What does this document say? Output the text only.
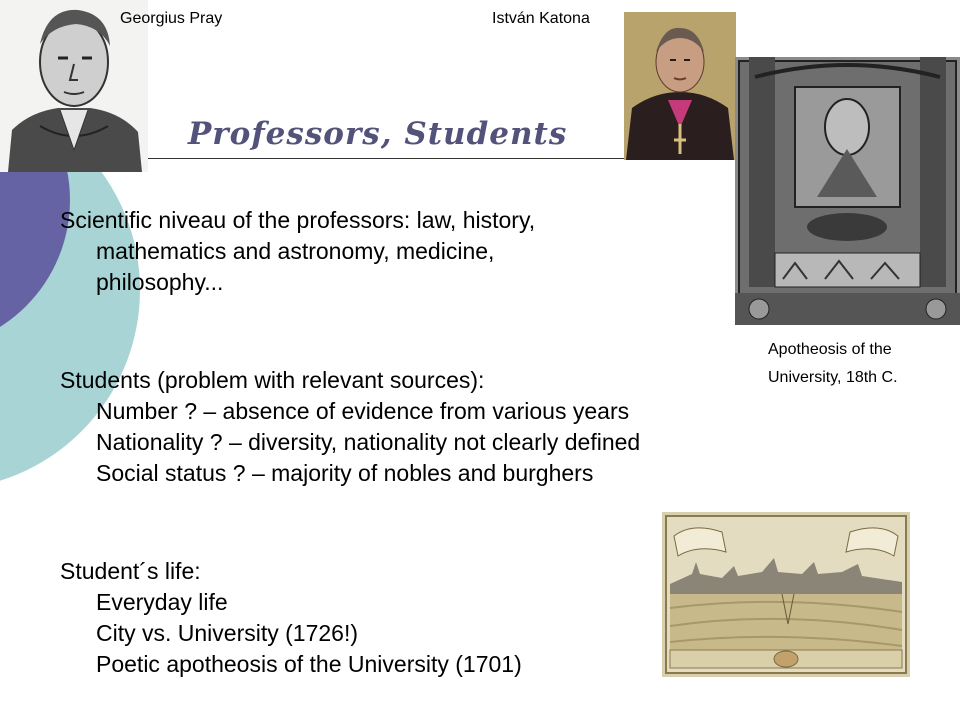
Georgius Pray	István Katona
Professors, Students
Scientific niveau of the professors: law, history,
mathematics and astronomy, medicine,
philosophy...
Students (problem with relevant sources):
Number ? – absence of evidence from various years
Nationality ? – diversity, nationality not clearly defined
Social status ? – majority of nobles and burghers
Student´s life:
Everyday life
City vs. University (1726!)
Poetic apotheosis of the University (1701)
Apotheosis of the
University, 18th C.
